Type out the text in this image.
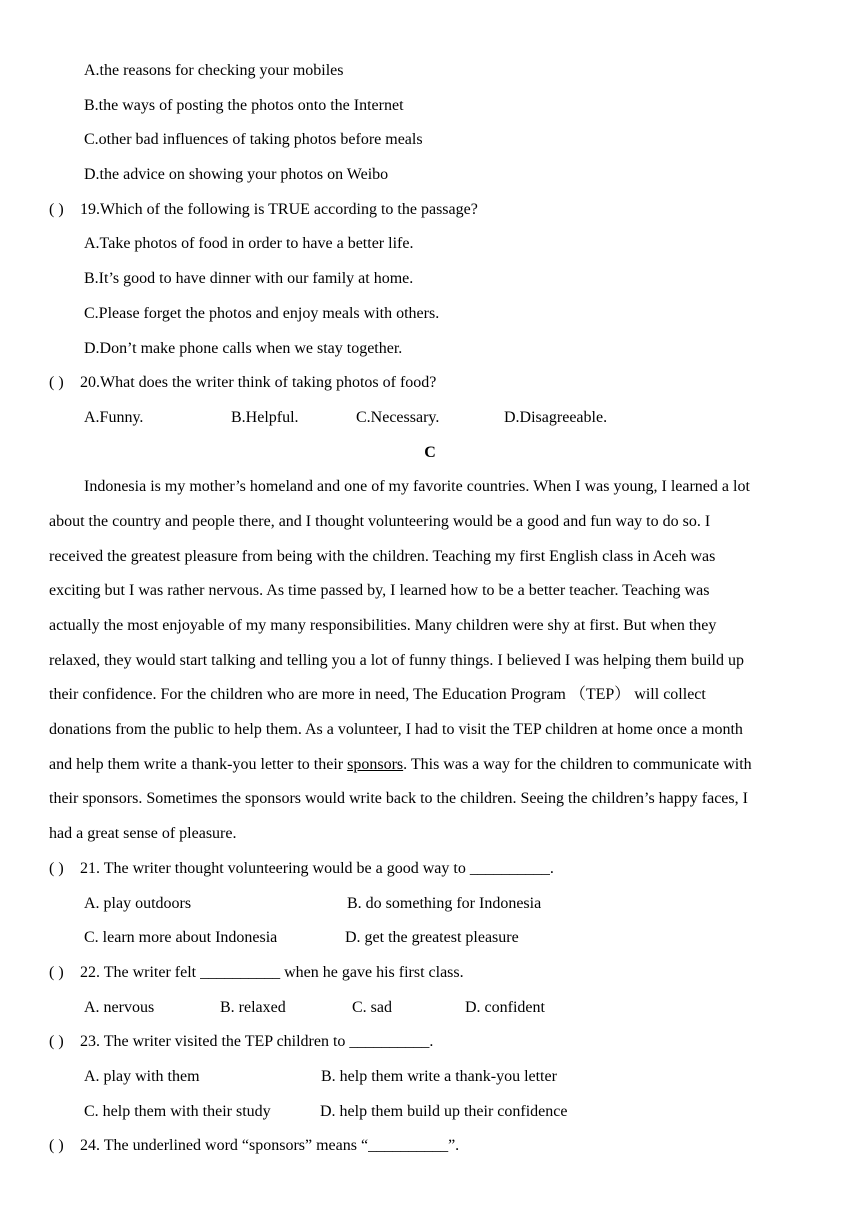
A.the reasons for checking your mobiles
B.the ways of posting the photos onto the Internet
C.other bad influences of taking photos before meals
D.the advice on showing your photos on Weibo
( ) 19.Which of the following is TRUE according to the passage?
A.Take photos of food in order to have a better life.
B.It’s good to have dinner with our family at home.
C.Please forget the photos and enjoy meals with others.
D.Don’t make phone calls when we stay together.
( ) 20.What does the writer think of taking photos of food?
A.Funny.	B.Helpful.	C.Necessary.	D.Disagreeable.
C
Indonesia is my mother’s homeland and one of my favorite countries. When I was young, I learned a lot
about the country and people there, and I thought volunteering would be a good and fun way to do so. I
received the greatest pleasure from being with the children. Teaching my first English class in Aceh was
exciting but I was rather nervous. As time passed by, I learned how to be a better teacher. Teaching was
actually the most enjoyable of my many responsibilities. Many children were shy at first. But when they
relaxed, they would start talking and telling you a lot of funny things. I believed I was helping them build up
their confidence. For the children who are more in need, The Education Program （TEP） will collect
donations from the public to help them. As a volunteer, I had to visit the TEP children at home once a month
and help them write a thank-you letter to their sponsors. This was a way for the children to communicate with
their sponsors. Sometimes the sponsors would write back to the children. Seeing the children’s happy faces, I
had a great sense of pleasure.
( ) 21. The writer thought volunteering would be a good way to __________.
A. play outdoors	B. do something for Indonesia
C. learn more about Indonesia	D. get the greatest pleasure
( ) 22. The writer felt __________ when he gave his first class.
A. nervous	B. relaxed	C. sad	D. confident
( ) 23. The writer visited the TEP children to __________.
A. play with them	B. help them write a thank-you letter
C. help them with their study	D. help them build up their confidence
( ) 24. The underlined word “sponsors” means “__________”.
